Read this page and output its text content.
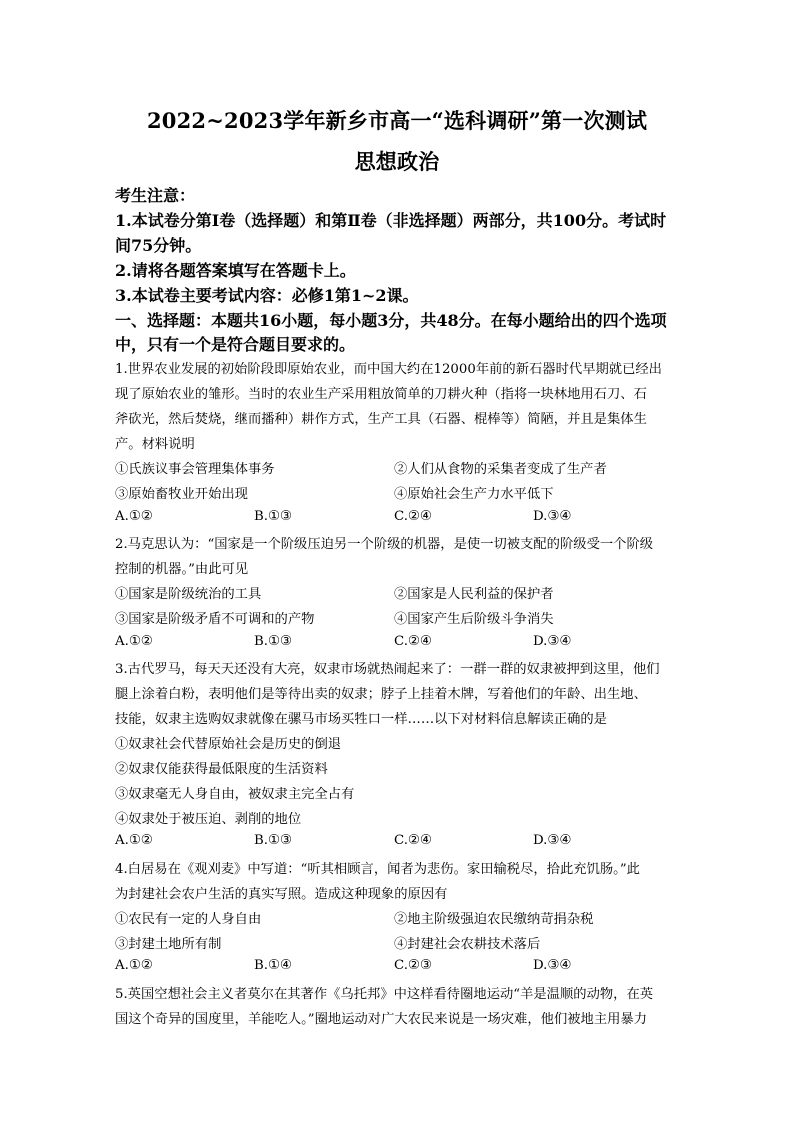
2022~2023学年新乡市高一“选科调研”第一次测试
思想政治
考生注意：
1.本试卷分第Ⅰ卷（选择题）和第Ⅱ卷（非选择题）两部分，共100分。考试时
间75分钟。
2.请将各题答案填写在答题卡上。
3.本试卷主要考试内容：必修1第1~2课。
一、选择题：本题共16小题，每小题3分，共48分。在每小题给出的四个选项
中，只有一个是符合题目要求的。
1.世界农业发展的初始阶段即原始农业，而中国大约在12000年前的新石器时代早期就已经出
现了原始农业的雏形。当时的农业生产采用粗放简单的刀耕火种（指将一块林地用石刀、石
斧砍光，然后焚烧，继而播种）耕作方式，生产工具（石器、棍棒等）简陋，并且是集体生
产。材料说明
①氏族议事会管理集体事务	②人们从食物的采集者变成了生产者
③原始畜牧业开始出现	④原始社会生产力水平低下
A.①②	B.①③	C.②④	D.③④
2.马克思认为：“国家是一个阶级压迫另一个阶级的机器，是使一切被支配的阶级受一个阶级
控制的机器。”由此可见
①国家是阶级统治的工具	②国家是人民利益的保护者
③国家是阶级矛盾不可调和的产物	④国家产生后阶级斗争消失
A.①②	B.①③	C.②④	D.③④
3.古代罗马，每天天还没有大亮，奴隶市场就热闹起来了：一群一群的奴隶被押到这里，他们
腿上涂着白粉，表明他们是等待出卖的奴隶；脖子上挂着木牌，写着他们的年龄、出生地、
技能，奴隶主选购奴隶就像在骡马市场买牲口一样……以下对材料信息解读正确的是
①奴隶社会代替原始社会是历史的倒退
②奴隶仅能获得最低限度的生活资料
③奴隶毫无人身自由，被奴隶主完全占有
④奴隶处于被压迫、剥削的地位
A.①②	B.①③	C.②④	D.③④
4.白居易在《观刈麦》中写道：“听其相顾言，闻者为悲伤。家田输税尽，拾此充饥肠。”此
为封建社会农户生活的真实写照。造成这种现象的原因有
①农民有一定的人身自由	②地主阶级强迫农民缴纳苛捐杂税
③封建土地所有制	④封建社会农耕技术落后
A.①②	B.①④	C.②③	D.③④
5.英国空想社会主义者莫尔在其著作《乌托邦》中这样看待圈地运动“羊是温顺的动物，在英
国这个奇异的国度里，羊能吃人。”圈地运动对广大农民来说是一场灾难，他们被地主用暴力
